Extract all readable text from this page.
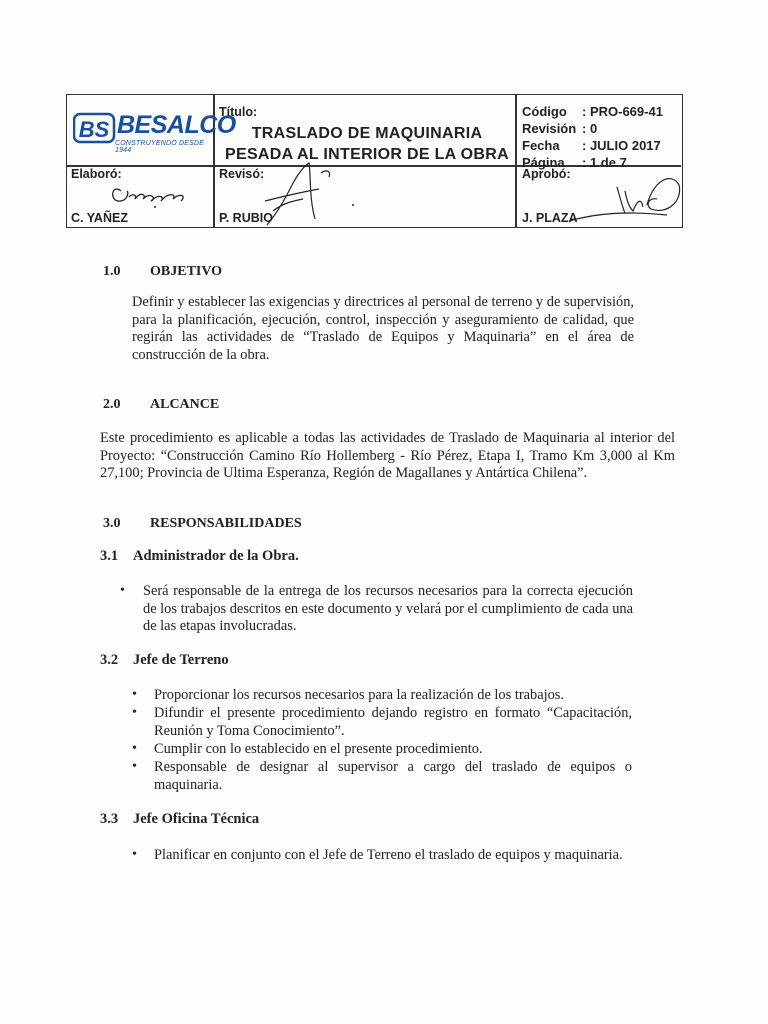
BS BESALCO
CONSTRUYENDO DESDE 1944
Título:
TRASLADO DE MAQUINARIA PESADA AL INTERIOR DE LA OBRA
Código : PRO-669-41
Revisión : 0
Fecha : JULIO 2017
Página : 1 de 7
Elaboró:
C. YAÑEZ
Revisó:
P. RUBIO
Aprobó:
J. PLAZA
1.0 OBJETIVO
Definir y establecer las exigencias y directrices al personal de terreno y de supervisión, para la planificación, ejecución, control, inspección y aseguramiento de calidad, que regirán las actividades de “Traslado de Equipos y Maquinaria” en el área de construcción de la obra.
2.0 ALCANCE
Este procedimiento es aplicable a todas las actividades de Traslado de Maquinaria al interior del Proyecto: “Construcción Camino Río Hollemberg - Río Pérez, Etapa I, Tramo Km 3,000 al Km 27,100; Provincia de Ultima Esperanza, Región de Magallanes y Antártica Chilena”.
3.0 RESPONSABILIDADES
3.1 Administrador de la Obra.
• Será responsable de la entrega de los recursos necesarios para la correcta ejecución de los trabajos descritos en este documento y velará por el cumplimiento de cada una de las etapas involucradas.
3.2 Jefe de Terreno
• Proporcionar los recursos necesarios para la realización de los trabajos.
• Difundir el presente procedimiento dejando registro en formato “Capacitación, Reunión y Toma Conocimiento”.
• Cumplir con lo establecido en el presente procedimiento.
• Responsable de designar al supervisor a cargo del traslado de equipos o maquinaria.
3.3 Jefe Oficina Técnica
• Planificar en conjunto con el Jefe de Terreno el traslado de equipos y maquinaria.
